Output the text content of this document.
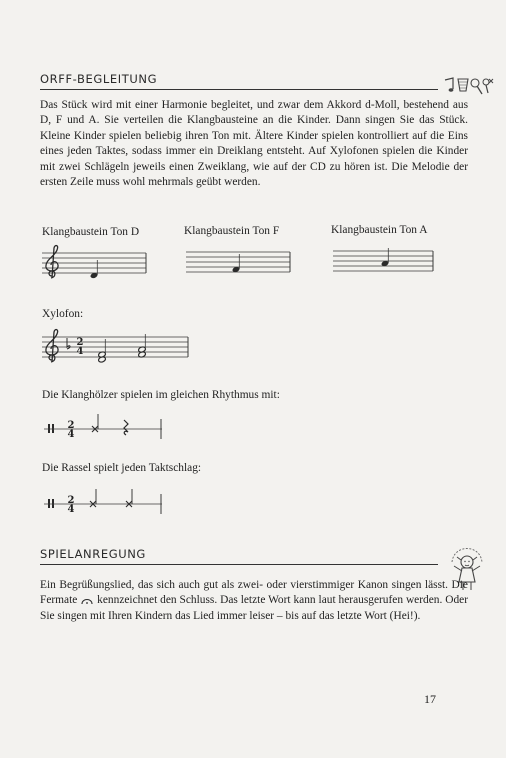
ORFF-BEGLEITUNG

Das Stück wird mit einer Harmonie begleitet, und zwar dem Akkord d-Moll, bestehend aus D, F und A. Sie verteilen die Klangbausteine an die Kinder. Dann singen Sie das Stück. Kleine Kinder spielen beliebig ihren Ton mit. Ältere Kinder spielen kontrolliert auf die Eins eines jeden Taktes, sodass immer ein Dreiklang entsteht. Auf Xylofonen spielen die Kinder mit zwei Schlägeln jeweils einen Zweiklang, wie auf der CD zu hören ist. Die Melodie der ersten Zeile muss wohl mehrmals geübt werden.

Klangbaustein Ton D	Klangbaustein Ton F	Klangbaustein Ton A
Xylofon:
2
4
Die Klanghölzer spielen im gleichen Rhythmus mit:
2
4
Die Rassel spielt jeden Taktschlag:
2
4
SPIELANREGUNG

Ein Begrüßungslied, das sich auch gut als zwei- oder vierstimmiger Kanon singen lässt. Die Fermate kennzeichnet den Schluss. Das letzte Wort kann laut herausgerufen werden. Oder Sie singen mit Ihren Kindern das Lied immer leiser – bis auf das letzte Wort (Hei!).

17
